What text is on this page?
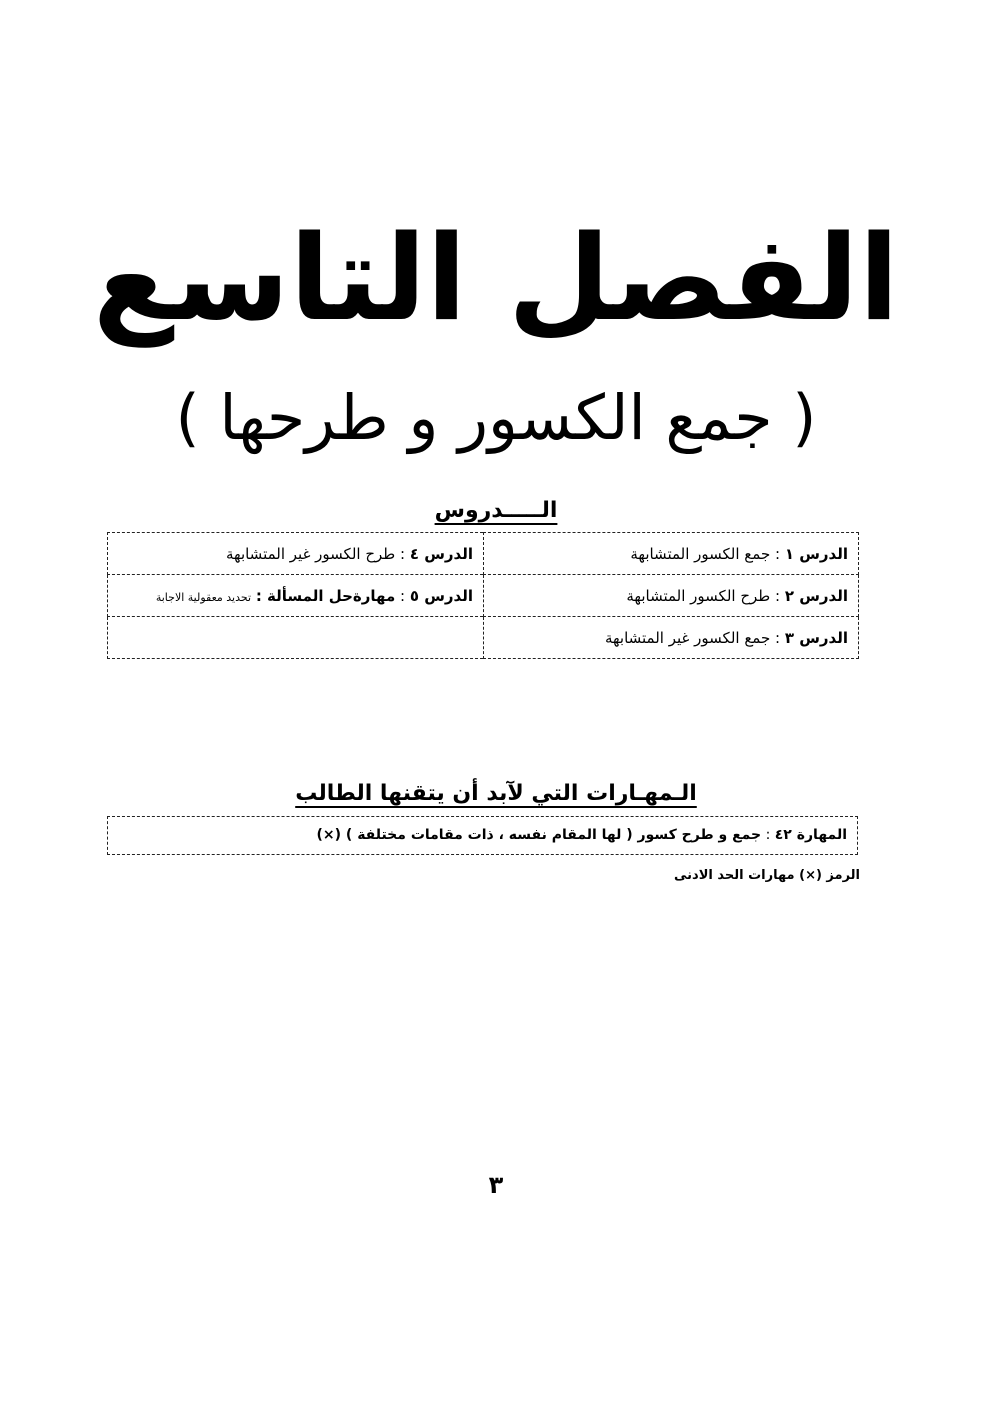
الفصل التاسع
( جمع الكسور و طرحها )
الـــــدروس
الدرس ١ : جمع الكسور المتشابهة	الدرس ٤ : طرح الكسور غير المتشابهة
الدرس ٢ : طرح الكسور المتشابهة	الدرس ٥ : مهارةحل المسألة : تحديد معقولية الاجابة
الدرس ٣ : جمع الكسور غير المتشابهة	
الـمهـارات التي لآبد أن يتقنها الطالب
المهارة ٤٢ : جمع و طرح كسور ( لها المقام نفسه ، ذات مقامات مختلفة ) (×)
الرمز (×) مهارات الحد الادنى
٣
